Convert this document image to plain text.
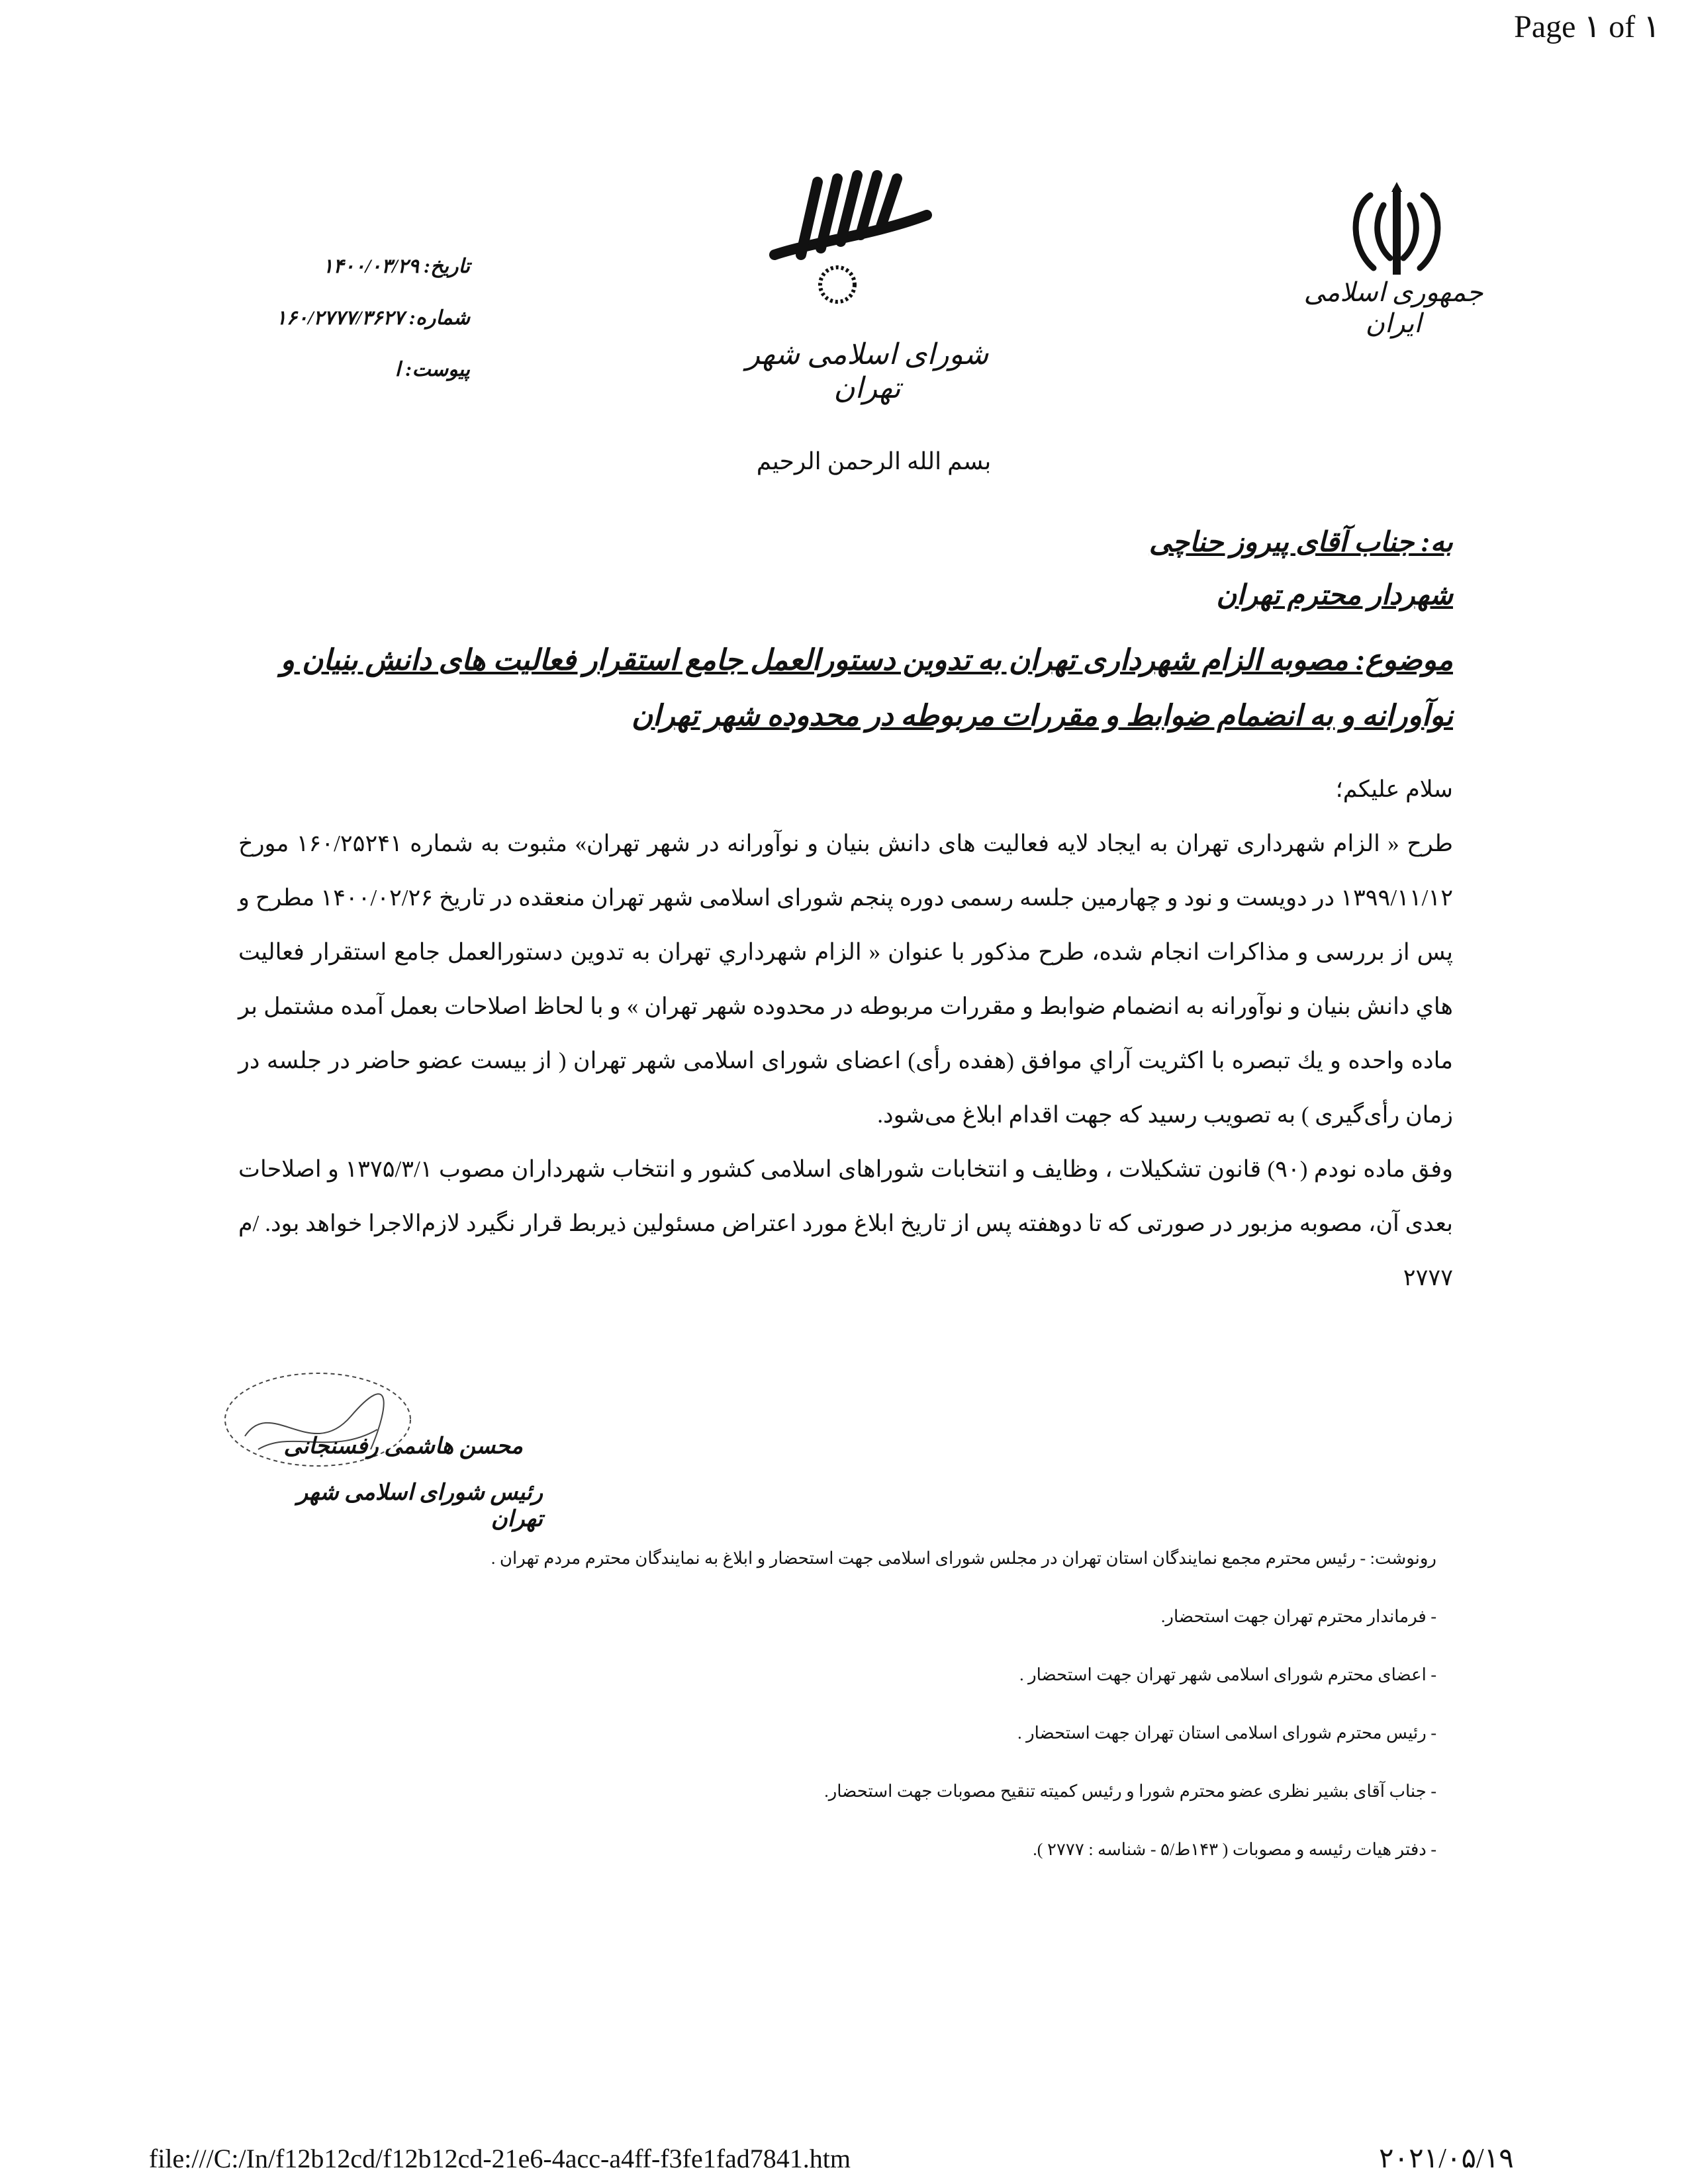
Page ۱ of ۱
جمهوری اسلامی ایران
شورای اسلامی شهر تهران
تاریخ: ۱۴۰۰/۰۳/۲۹
شماره: ۱۶۰/۲۷۷۷/۳۶۲۷
پیوست: ا
بسم الله الرحمن الرحیم
به: جناب آقای پیروز حناچی
شهردار محترم تهران
موضوع: مصوبه الزام شهرداری تهران به تدوین دستورالعمل جامع استقرار فعالیت های دانش بنیان و نوآورانه و به انضمام ضوابط و مقررات مربوطه در محدوده شهر تهران

سلام علیکم؛

طرح « الزام شهرداری تهران به ایجاد لایه فعالیت های دانش بنیان و نوآورانه در شهر تهران» مثبوت به شماره ۱۶۰/۲۵۲۴۱ مورخ ۱۳۹۹/۱۱/۱۲ در دویست و نود و چهارمین جلسه رسمی دوره پنجم شورای اسلامی شهر تهران منعقده در تاریخ ۱۴۰۰/۰۲/۲۶ مطرح و پس از بررسی و مذاکرات انجام شده، طرح مذکور با عنوان « الزام شهرداري تهران به تدوین دستورالعمل جامع استقرار فعالیت هاي دانش بنیان و نوآورانه به انضمام ضوابط و مقررات مربوطه در محدوده شهر تهران » و با لحاظ اصلاحات بعمل آمده مشتمل بر ماده واحده و يك تبصره با اكثريت آراي موافق (هفده رأی) اعضای شورای اسلامی شهر تهران ( از بیست عضو حاضر در جلسه در زمان رأی‌گیری ) به تصویب رسید که جهت اقدام ابلاغ می‌شود.

وفق ماده نودم (۹۰) قانون تشکیلات ، وظایف و انتخابات شوراهای اسلامی کشور و انتخاب شهرداران مصوب ۱۳۷۵/۳/۱ و اصلاحات بعدی آن، مصوبه مزبور در صورتی که تا دوهفته پس از تاریخ ابلاغ مورد اعتراض مسئولین ذیربط قرار نگیرد لازم‌الاجرا خواهد بود. /م ۲۷۷۷

محسن هاشمی رفسنجانی
رئیس شورای اسلامی شهر تهران
رونوشت: - رئیس محترم مجمع نمایندگان استان تهران در مجلس شورای اسلامی جهت استحضار و ابلاغ به نمایندگان محترم مردم تهران .
- فرماندار محترم تهران جهت استحضار.
- اعضای محترم شورای اسلامی شهر تهران جهت استحضار .
- رئیس محترم شورای اسلامی استان تهران جهت استحضار .
- جناب آقای بشیر نظری عضو محترم شورا و رئیس کمیته تنقیح مصوبات جهت استحضار.
- دفتر هیات رئیسه و مصوبات ( ۱۴۳ط/۵ - شناسه : ۲۷۷۷ ).
file:///C:/In/f12b12cd/f12b12cd-21e6-4acc-a4ff-f3fe1fad7841.htm	۲۰۲۱/۰۵/۱۹
